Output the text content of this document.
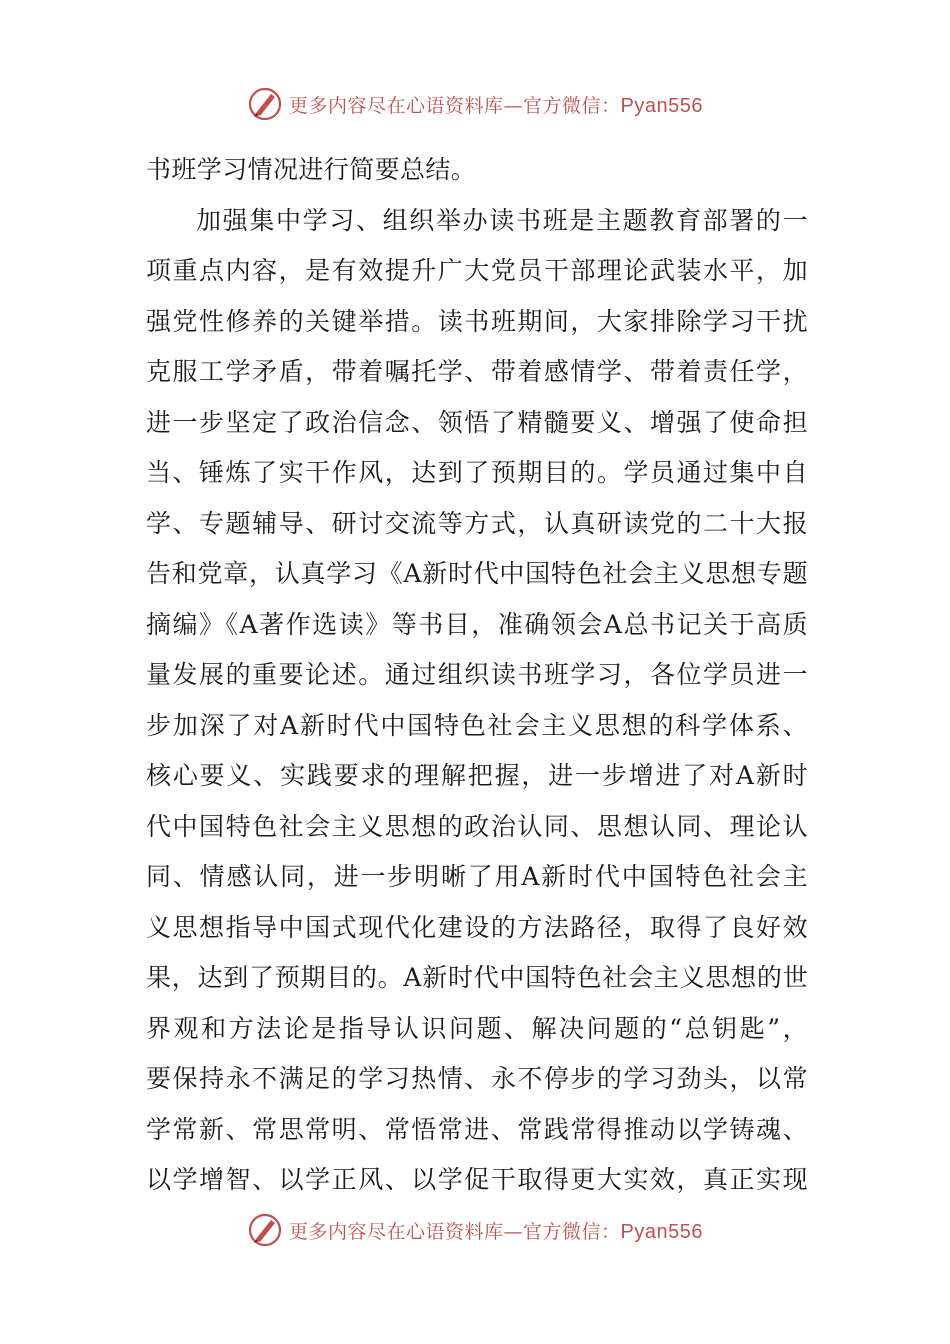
更多内容尽在心语资料库—官方微信：Pyan556
书班学习情况进行简要总结。
加强集中学习、组织举办读书班是主题教育部署的一
项重点内容，是有效提升广大党员干部理论武装水平，加
强党性修养的关键举措。读书班期间，大家排除学习干扰
克服工学矛盾，带着嘱托学、带着感情学、带着责任学，
进一步坚定了政治信念、领悟了精髓要义、增强了使命担
当、锤炼了实干作风，达到了预期目的。学员通过集中自
学、专题辅导、研讨交流等方式，认真研读党的二十大报
告和党章，认真学习《A新时代中国特色社会主义思想专题
摘编》《A著作选读》等书目，准确领会A总书记关于高质
量发展的重要论述。通过组织读书班学习，各位学员进一
步加深了对A新时代中国特色社会主义思想的科学体系、
核心要义、实践要求的理解把握，进一步增进了对A新时
代中国特色社会主义思想的政治认同、思想认同、理论认
同、情感认同，进一步明晰了用A新时代中国特色社会主
义思想指导中国式现代化建设的方法路径，取得了良好效
果，达到了预期目的。A新时代中国特色社会主义思想的世
界观和方法论是指导认识问题、解决问题的“总钥匙”，
要保持永不满足的学习热情、永不停步的学习劲头，以常
学常新、常思常明、常悟常进、常践常得推动以学铸魂、
以学增智、以学正风、以学促干取得更大实效，真正实现
更多内容尽在心语资料库—官方微信：Pyan556
